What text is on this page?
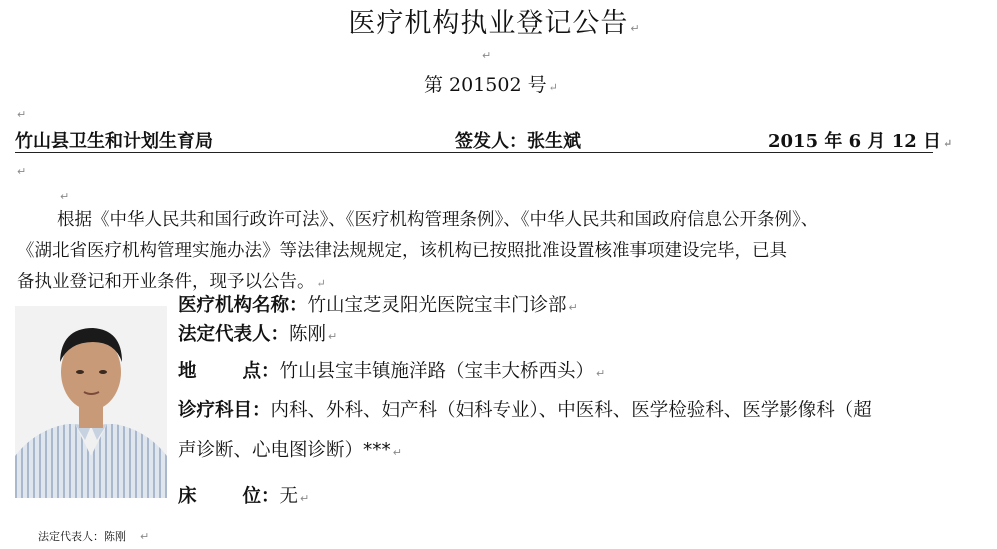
医疗机构执业登记公告 ↵
↵
第 201502 号 ↵
↵
竹山县卫生和计划生育局	签发人：张生斌	2015 年 6 月 12 日 ↵
↵
↵

根据《中华人民共和国行政许可法》、《医疗机构管理条例》、《中华人民共和国政府信息公开条例》、

《湖北省医疗机构管理实施办法》等法律法规规定，该机构已按照批准设置核准事项建设完毕，已具

备执业登记和开业条件，现予以公告。 ↵

医疗机构名称：竹山宝芝灵阳光医院宝丰门诊部 ↵
法定代表人：陈刚 ↵
地 点：竹山县宝丰镇施洋路（宝丰大桥西头） ↵
诊疗科目：内科、外科、妇产科（妇科专业）、中医科、医学检验科、医学影像科（超
声诊断、心电图诊断）*** ↵
床 位：无 ↵
法定代表人：陈刚 ↵
